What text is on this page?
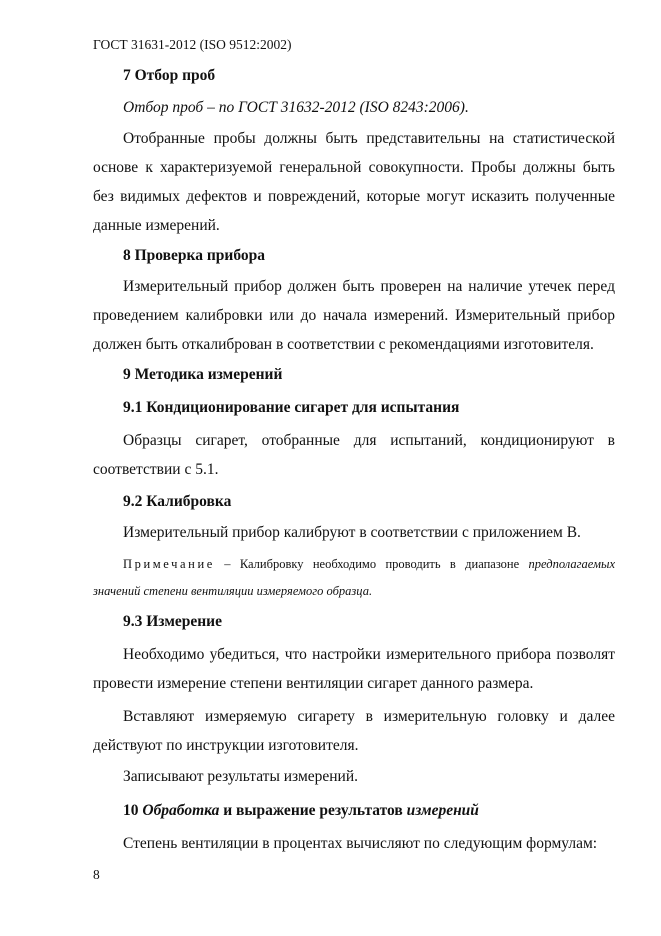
ГОСТ 31631-2012 (ISO 9512:2002)
7 Отбор проб
Отбор проб – по ГОСТ 31632-2012 (ISO 8243:2006).
Отобранные пробы должны быть представительны на статистической основе к характеризуемой генеральной совокупности. Пробы должны быть без видимых дефектов и повреждений, которые могут исказить полученные данные измерений.
8 Проверка прибора
Измерительный прибор должен быть проверен на наличие утечек перед проведением калибровки или до начала измерений. Измерительный прибор должен быть откалиброван в соответствии с рекомендациями изготовителя.
9 Методика измерений
9.1 Кондиционирование сигарет для испытания
Образцы сигарет, отобранные для испытаний, кондиционируют в соответствии с 5.1.
9.2 Калибровка
Измерительный прибор калибруют в соответствии с приложением В.
Примечание – Калибровку необходимо проводить в диапазоне предполагаемых значений степени вентиляции измеряемого образца.
9.3 Измерение
Необходимо убедиться, что настройки измерительного прибора позволят провести измерение степени вентиляции сигарет данного размера.
Вставляют измеряемую сигарету в измерительную головку и далее действуют по инструкции изготовителя.
Записывают результаты измерений.
10 Обработка и выражение результатов измерений
Степень вентиляции в процентах вычисляют по следующим формулам:
8
